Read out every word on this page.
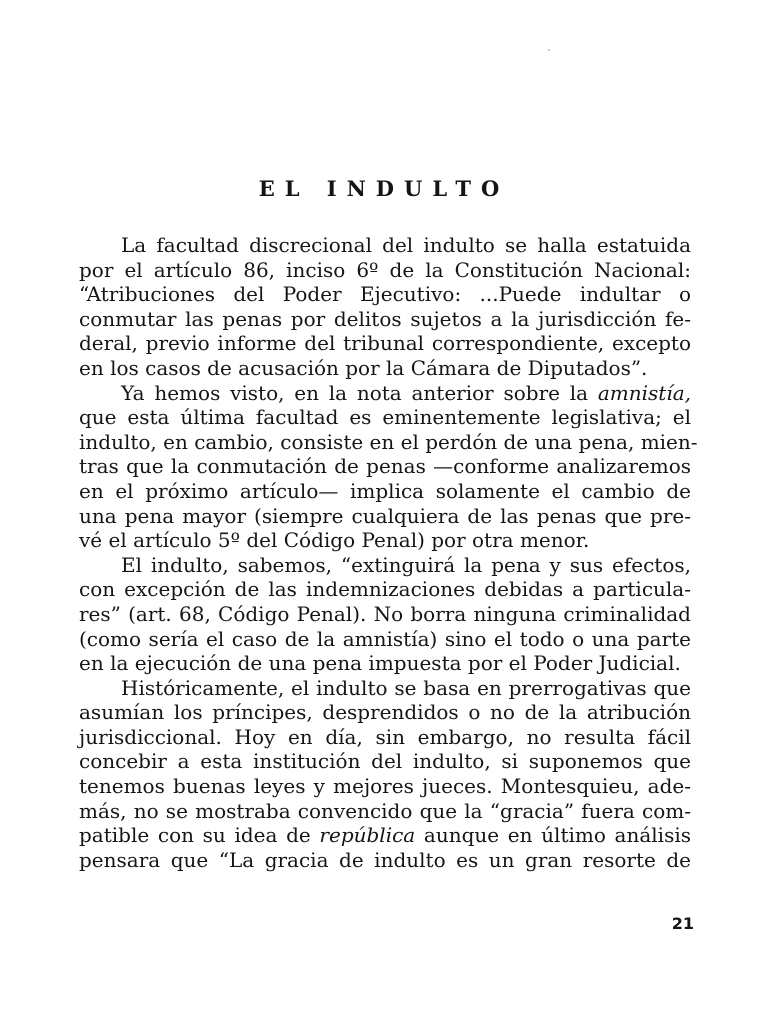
EL INDULTO

La facultad discrecional del indulto se halla estatuida
por el artículo 86, inciso 6º de la Constitución Nacional:
“Atribuciones del Poder Ejecutivo: ...Puede indultar o
conmutar las penas por delitos sujetos a la jurisdicción fe-
deral, previo informe del tribunal correspondiente, excepto
en los casos de acusación por la Cámara de Diputados”.

Ya hemos visto, en la nota anterior sobre la amnistía,
que esta última facultad es eminentemente legislativa; el
indulto, en cambio, consiste en el perdón de una pena, mien-
tras que la conmutación de penas —conforme analizaremos
en el próximo artículo— implica solamente el cambio de
una pena mayor (siempre cualquiera de las penas que pre-
vé el artículo 5º del Código Penal) por otra menor.

El indulto, sabemos, “extinguirá la pena y sus efectos,
con excepción de las indemnizaciones debidas a particula-
res” (art. 68, Código Penal). No borra ninguna criminalidad
(como sería el caso de la amnistía) sino el todo o una parte
en la ejecución de una pena impuesta por el Poder Judicial.

Históricamente, el indulto se basa en prerrogativas que
asumían los príncipes, desprendidos o no de la atribución
jurisdiccional. Hoy en día, sin embargo, no resulta fácil
concebir a esta institución del indulto, si suponemos que
tenemos buenas leyes y mejores jueces. Montesquieu, ade-
más, no se mostraba convencido que la “gracia” fuera com-
patible con su idea de república aunque en último análisis
pensara que “La gracia de indulto es un gran resorte de

21
